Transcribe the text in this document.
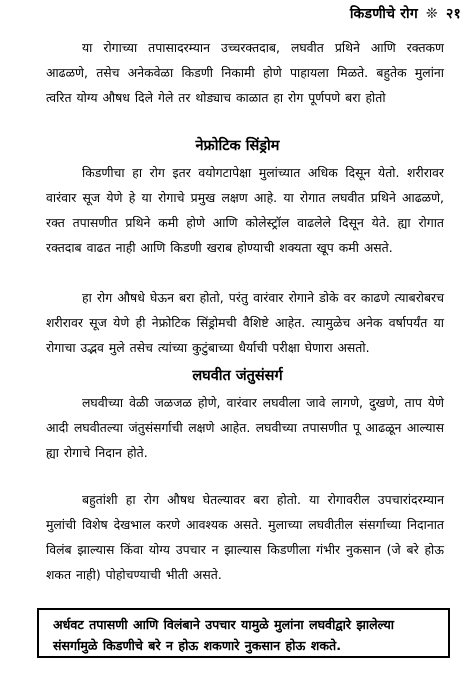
किडणीचे रोग ❊ २१

या रोगाच्या तपासादरम्यान उच्चरक्तदाब, लघवीत प्रथिने आणि रक्तकण आढळणे, तसेच अनेकवेळा किडणी निकामी होणे पाहायला मिळते. बहुतेक मुलांना त्वरित योग्य औषध दिले गेले तर थोड्याच काळात हा रोग पूर्णपणे बरा होतो

नेफ्रोटिक सिंड्रोम

किडणीचा हा रोग इतर वयोगटापेक्षा मुलांच्यात अधिक दिसून येतो. शरीरावर वारंवार सूज येणे हे या रोगाचे प्रमुख लक्षण आहे. या रोगात लघवीत प्रथिने आढळणे, रक्त तपासणीत प्रथिने कमी होणे आणि कोलेस्ट्रॉल वाढलेले दिसून येते. ह्या रोगात रक्तदाब वाढत नाही आणि किडणी खराब होण्याची शक्यता खूप कमी असते.

हा रोग औषधे घेऊन बरा होतो, परंतु वारंवार रोगाने डोके वर काढणे त्याबरोबरच शरीरावर सूज येणे ही नेफ्रोटिक सिंड्रोमची वैशिष्टे आहेत. त्यामुळेच अनेक वर्षापर्यंत या रोगाचा उद्भव मुले तसेच त्यांच्या कुटुंबाच्या धैर्याची परीक्षा घेणारा असतो.

लघवीत जंतुसंसर्ग

लघवीच्या वेळी जळजळ होणे, वारंवार लघवीला जावे लागणे, दुखणे, ताप येणे आदी लघवीतल्या जंतुसंसर्गाची लक्षणे आहेत. लघवीच्या तपासणीत पू आढळून आल्यास ह्या रोगाचे निदान होते.

बहुतांशी हा रोग औषध घेतल्यावर बरा होतो. या रोगावरील उपचारांदरम्यान मुलांची विशेष देखभाल करणे आवश्यक असते. मुलाच्या लघवीतील संसर्गाच्या निदानात विलंब झाल्यास किंवा योग्य उपचार न झाल्यास किडणीला गंभीर नुकसान (जे बरे होऊ शकत नाही) पोहोचण्याची भीती असते.

अर्धवट तपासणी आणि विलंबाने उपचार यामुळे मुलांना लघवीद्वारे झालेल्या संसर्गामुळे किडणीचे बरे न होऊ शकणारे नुकसान होऊ शकते.
